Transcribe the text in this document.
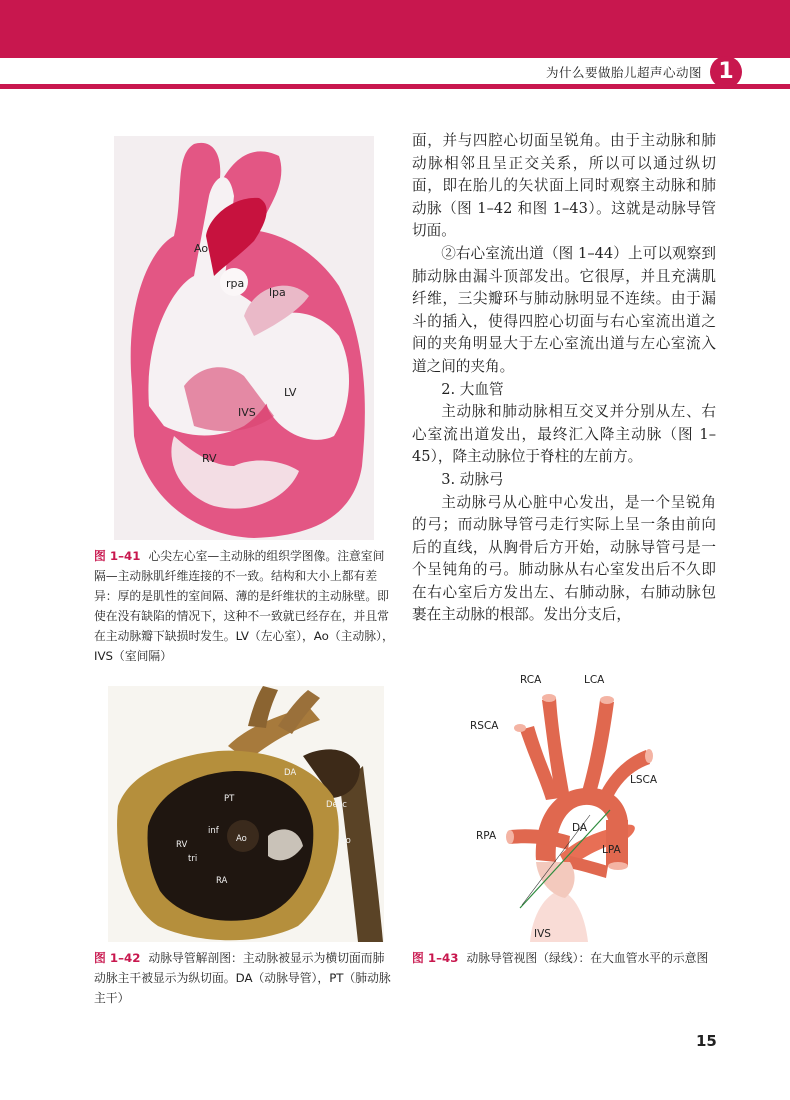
为什么要做胎儿超声心动图 1
Ao
rpa
lpa
LV
IVS
RV
图 1–41 心尖左心室—主动脉的组织学图像。注意室间隔—主动脉肌纤维连接的不一致。结构和大小上都有差异：厚的是肌性的室间隔、薄的是纤维状的主动脉壁。即使在没有缺陷的情况下，这种不一致就已经存在，并且常在主动脉瓣下缺损时发生。LV（左心室），Ao（主动脉），IVS（室间隔）

面，并与四腔心切面呈锐角。由于主动脉和肺动脉相邻且呈正交关系，所以可以通过纵切面，即在胎儿的矢状面上同时观察主动脉和肺动脉（图 1–42 和图 1–43）。这就是动脉导管切面。

②右心室流出道（图 1–44）上可以观察到肺动脉由漏斗顶部发出。它很厚，并且充满肌纤维，三尖瓣环与肺动脉明显不连续。由于漏斗的插入，使得四腔心切面与右心室流出道之间的夹角明显大于左心室流出道与左心室流入道之间的夹角。

2. 大血管

主动脉和肺动脉相互交叉并分别从左、右心室流出道发出，最终汇入降主动脉（图 1–45），降主动脉位于脊柱的左前方。

3. 动脉弓

主动脉弓从心脏中心发出，是一个呈锐角的弓；而动脉导管弓走行实际上呈一条由前向后的直线，从胸骨后方开始，动脉导管弓是一个呈钝角的弓。肺动脉从右心室发出后不久即在右心室后方发出左、右肺动脉，右肺动脉包裹在主动脉的根部。发出分支后，

DA
PT
Desc
Ao
inf
Ao
RV
tri
RA
图 1–42 动脉导管解剖图：主动脉被显示为横切面而肺动脉主干被显示为纵切面。DA（动脉导管），PT（肺动脉主干）
RCA	LCA
RSCA
LSCA
DA
RPA
LPA
IVS
图 1–43 动脉导管视图（绿线）：在大血管水平的示意图
15
